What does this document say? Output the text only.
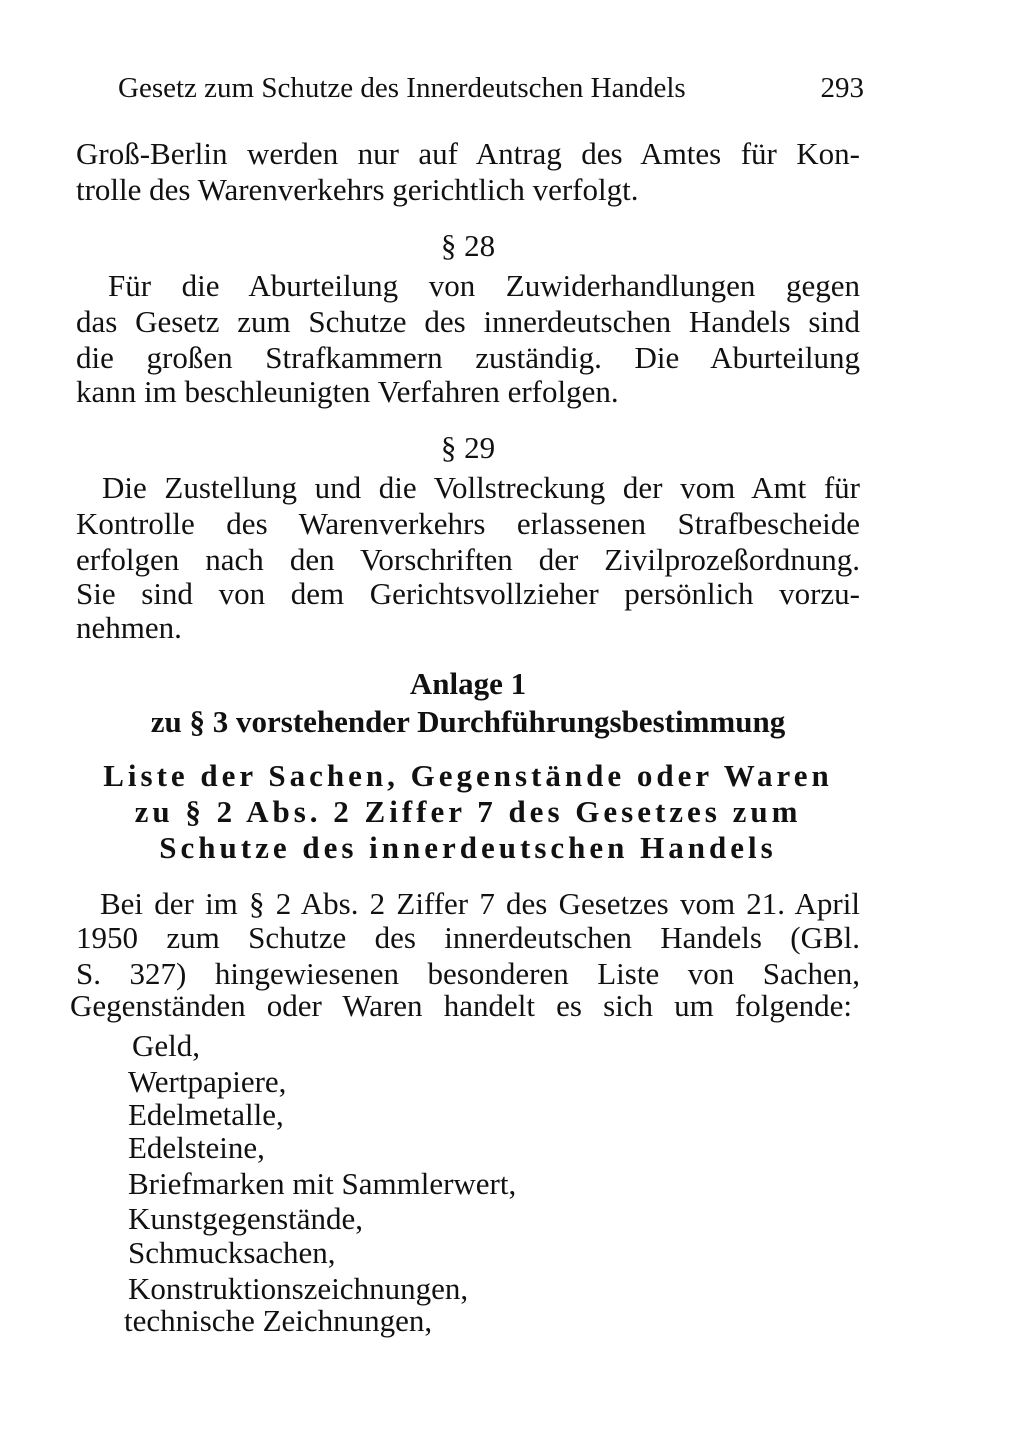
Gesetz zum Schutze des Innerdeutschen Handels	293
Groß-Berlin werden nur auf Antrag des Amtes für Kon-
trolle des Warenverkehrs gerichtlich verfolgt.
§ 28
Für die Aburteilung von Zuwiderhandlungen gegen
das Gesetz zum Schutze des innerdeutschen Handels sind
die großen Strafkammern zuständig. Die Aburteilung
kann im beschleunigten Verfahren erfolgen.
§ 29
Die Zustellung und die Vollstreckung der vom Amt für
Kontrolle des Warenverkehrs erlassenen Strafbescheide
erfolgen nach den Vorschriften der Zivilprozeßordnung.
Sie sind von dem Gerichtsvollzieher persönlich vorzu-
nehmen.
Anlage 1
zu § 3 vorstehender Durchführungsbestimmung
Liste der Sachen, Gegenstände oder Waren
zu § 2 Abs. 2 Ziffer 7 des Gesetzes zum
Schutze des innerdeutschen Handels
Bei der im § 2 Abs. 2 Ziffer 7 des Gesetzes vom 21. April
1950 zum Schutze des innerdeutschen Handels (GBl.
S. 327) hingewiesenen besonderen Liste von Sachen,
Gegenständen oder Waren handelt es sich um folgende:
Geld,
Wertpapiere,
Edelmetalle,
Edelsteine,
Briefmarken mit Sammlerwert,
Kunstgegenstände,
Schmucksachen,
Konstruktionszeichnungen,
technische Zeichnungen,
